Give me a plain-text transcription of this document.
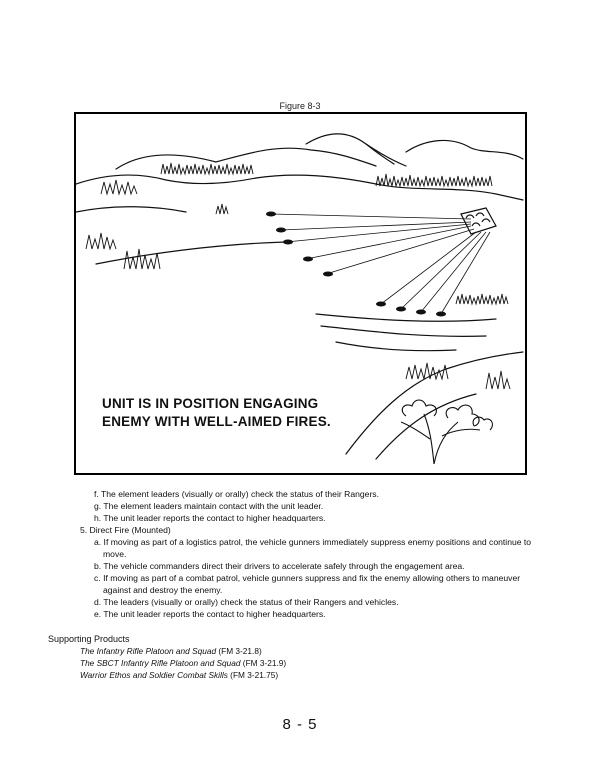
Figure 8-3
UNIT IS IN POSITION ENGAGING
ENEMY WITH WELL-AIMED FIRES.
f. The element leaders (visually or orally) check the status of their Rangers.
g. The element leaders maintain contact with the unit leader.
h. The unit leader reports the contact to higher headquarters.
5. Direct Fire (Mounted)
a. If moving as part of a logistics patrol, the vehicle gunners immediately suppress enemy positions and continue to
move.
b. The vehicle commanders direct their drivers to accelerate safely through the engagement area.
c. If moving as part of a combat patrol, vehicle gunners suppress and fix the enemy allowing others to maneuver
against and destroy the enemy.
d. The leaders (visually or orally) check the status of their Rangers and vehicles.
e. The unit leader reports the contact to higher headquarters.
Supporting Products
The Infantry Rifle Platoon and Squad (FM 3-21.8)
The SBCT Infantry Rifle Platoon and Squad (FM 3-21.9)
Warrior Ethos and Soldier Combat Skills (FM 3-21.75)
8 - 5
